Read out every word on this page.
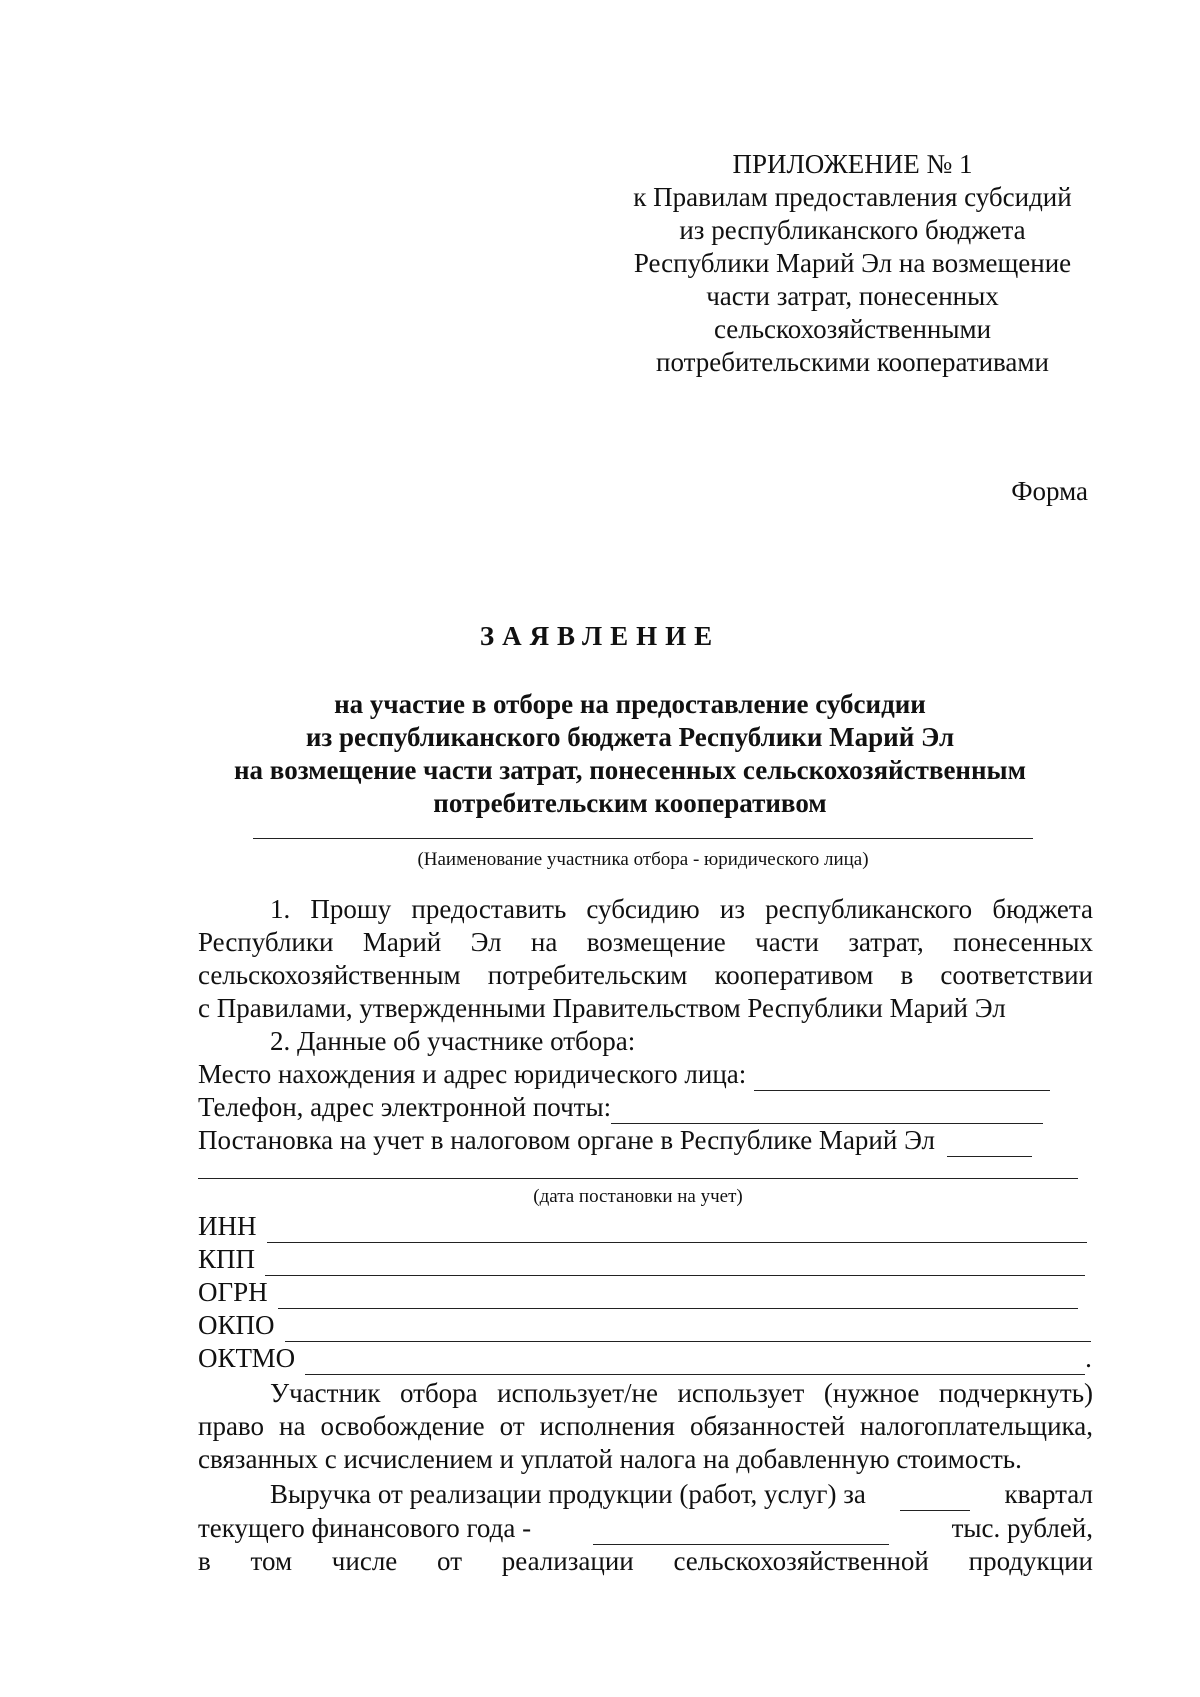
ПРИЛОЖЕНИЕ № 1
к Правилам предоставления субсидий
из республиканского бюджета
Республики Марий Эл на возмещение
части затрат, понесенных
сельскохозяйственными
потребительскими кооперативами
Форма
ЗАЯВЛЕНИЕ
на участие в отборе на предоставление субсидии
из республиканского бюджета Республики Марий Эл
на возмещение части затрат, понесенных сельскохозяйственным
потребительским кооперативом
(Наименование участника отбора - юридического лица)
1. Прошу предоставить субсидию из республиканского бюджета
Республики Марий Эл на возмещение части затрат, понесенных
сельскохозяйственным потребительским кооперативом в соответствии
с Правилами, утвержденными Правительством Республики Марий Эл
2. Данные об участнике отбора:
Место нахождения и адрес юридического лица:
Телефон, адрес электронной почты:
Постановка на учет в налоговом органе в Республике Марий Эл
(дата постановки на учет)
ИНН
КПП
ОГРН
ОКПО
ОКТМО	.
Участник отбора использует/не использует (нужное подчеркнуть)
право на освобождение от исполнения обязанностей налогоплательщика,
связанных с исчислением и уплатой налога на добавленную стоимость.
Выручка от реализации продукции (работ, услуг) за	квартал
текущего финансового года -	тыс. рублей,
в том числе от реализации сельскохозяйственной продукции
